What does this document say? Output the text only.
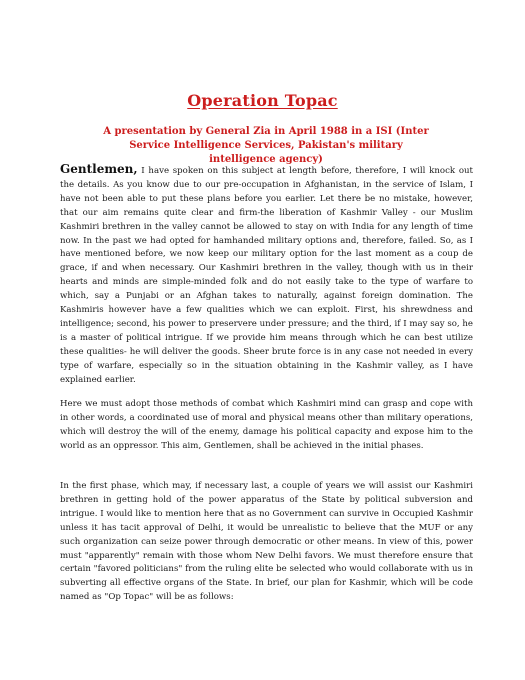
Operation Topac

A presentation by General Zia in April 1988 in a ISI (Inter Service Intelligence Services, Pakistan's military intelligence agency)

Gentlemen, I have spoken on this subject at length before, therefore, I will knock out the details. As you know due to our pre-occupation in Afghanistan, in the service of Islam, I have not been able to put these plans before you earlier. Let there be no mistake, however, that our aim remains quite clear and firm-the liberation of Kashmir Valley - our Muslim Kashmiri brethren in the valley cannot be allowed to stay on with India for any length of time now. In the past we had opted for hamhanded military options and, therefore, failed. So, as I have mentioned before, we now keep our military option for the last moment as a coup de grace, if and when necessary. Our Kashmiri brethren in the valley, though with us in their hearts and minds are simple-minded folk and do not easily take to the type of warfare to which, say a Punjabi or an Afghan takes to naturally, against foreign domination. The Kashmiris however have a few qualities which we can exploit. First, his shrewdness and intelligence; second, his power to preservere under pressure; and the third, if I may say so, he is a master of political intrigue. If we provide him means through which he can best utilize these qualities- he will deliver the goods. Sheer brute force is in any case not needed in every type of warfare, especially so in the situation obtaining in the Kashmir valley, as I have explained earlier.

Here we must adopt those methods of combat which Kashmiri mind can grasp and cope with in other words, a coordinated use of moral and physical means other than military operations, which will destroy the will of the enemy, damage his political capacity and expose him to the world as an oppressor. This aim, Gentlemen, shall be achieved in the initial phases.

In the first phase, which may, if necessary last, a couple of years we will assist our Kashmiri brethren in getting hold of the power apparatus of the State by political subversion and intrigue. I would like to mention here that as no Government can survive in Occupied Kashmir unless it has tacit approval of Delhi, it would be unrealistic to believe that the MUF or any such organization can seize power through democratic or other means. In view of this, power must "apparently" remain with those whom New Delhi favors. We must therefore ensure that certain "favored politicians" from the ruling elite be selected who would collaborate with us in subverting all effective organs of the State. In brief, our plan for Kashmir, which will be code named as "Op Topac" will be as follows:
